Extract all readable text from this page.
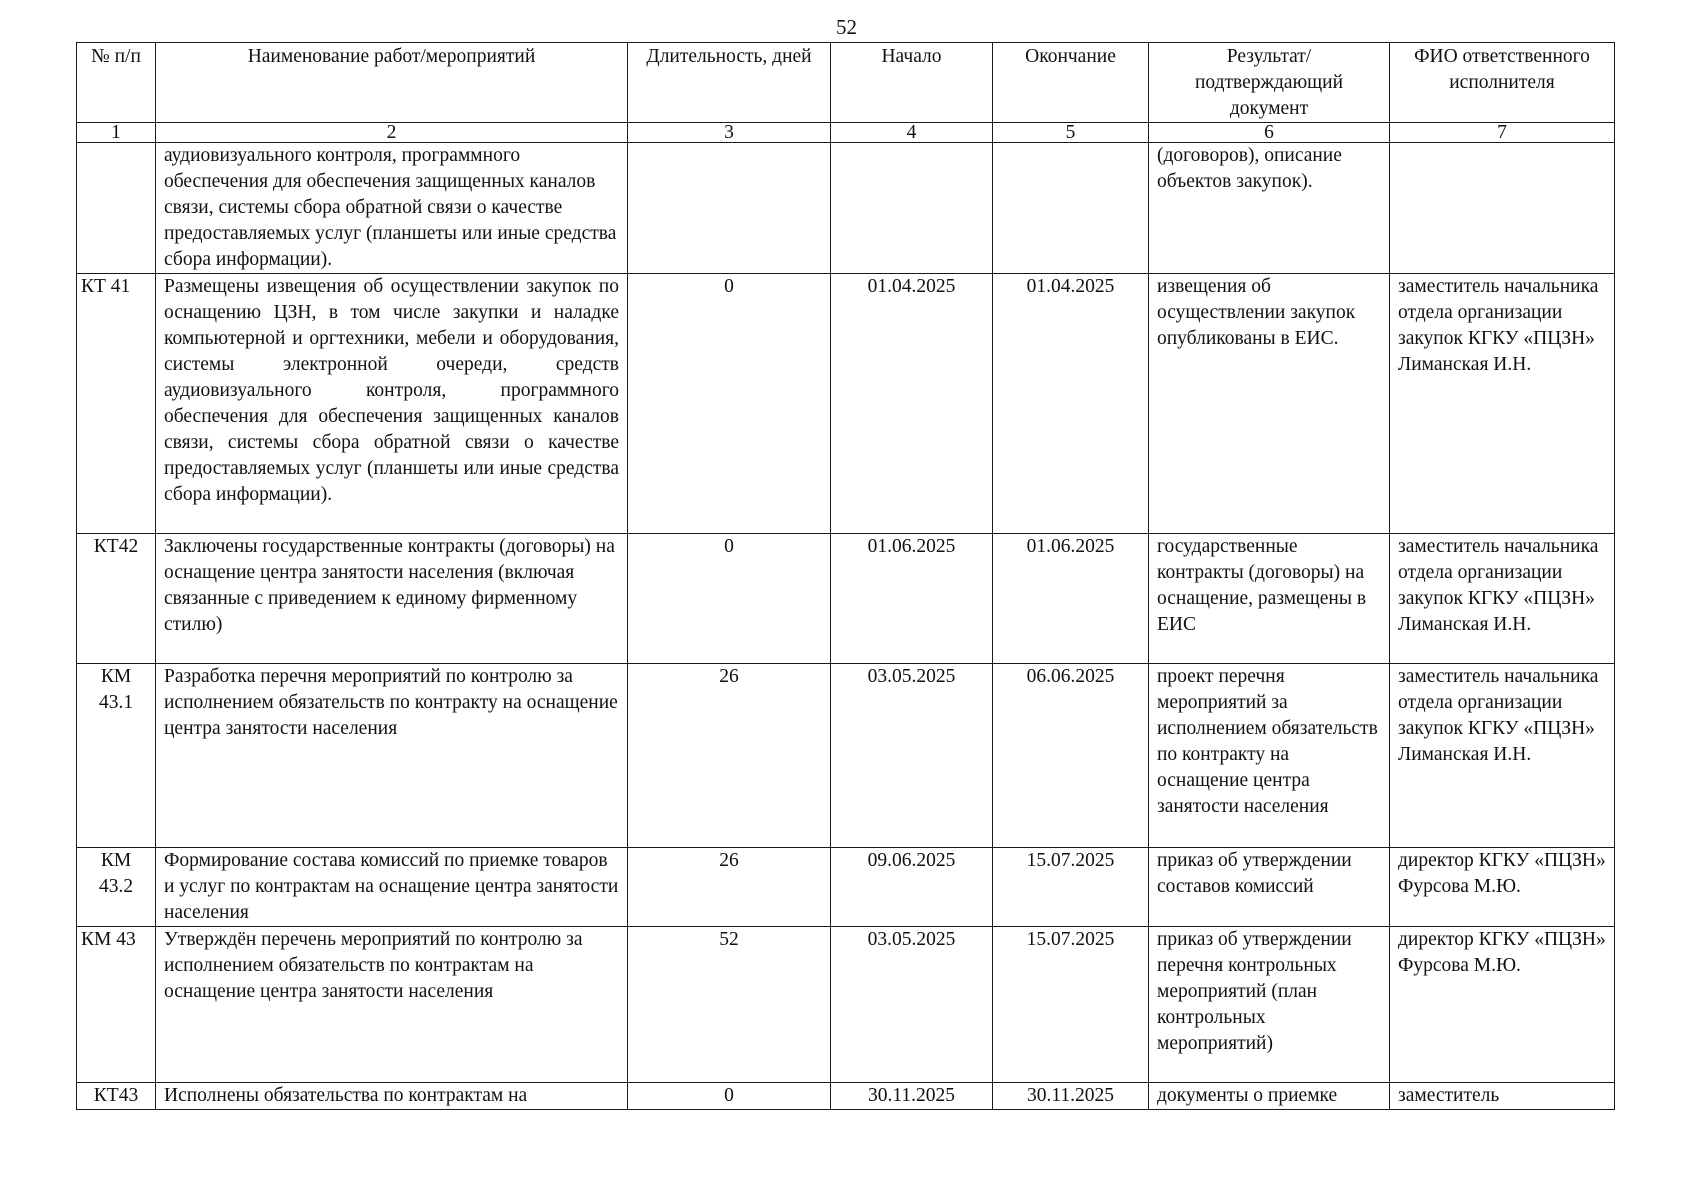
52
№ п/п	Наименование работ/мероприятий	Длительность, дней	Начало	Окончание	Результат/ подтверждающий документ	ФИО ответственного исполнителя
1	2	3	4	5	6	7
	аудиовизуального контроля, программного обеспечения для обеспечения защищенных каналов связи, системы сбора обратной связи о качестве предоставляемых услуг (планшеты или иные средства сбора информации).				(договоров), описание объектов закупок).	
КТ 41	Размещены извещения об осуществлении закупок по оснащению ЦЗН, в том числе закупки и наладке компьютерной и оргтехники, мебели и оборудования, системы электронной очереди, средств аудиовизуального контроля, программного обеспечения для обеспечения защищенных каналов связи, системы сбора обратной связи о качестве предоставляемых услуг (планшеты или иные средства сбора информации).	0	01.04.2025	01.04.2025	извещения об осуществлении закупок опубликованы в ЕИС.	заместитель начальника отдела организации закупок КГКУ «ПЦЗН» Лиманская И.Н.
КТ42	Заключены государственные контракты (договоры) на оснащение центра занятости населения (включая связанные с приведением к единому фирменному стилю)	0	01.06.2025	01.06.2025	государственные контракты (договоры) на оснащение, размещены в ЕИС	заместитель начальника отдела организации закупок КГКУ «ПЦЗН» Лиманская И.Н.
КМ 43.1	Разработка перечня мероприятий по контролю за исполнением обязательств по контракту на оснащение центра занятости населения	26	03.05.2025	06.06.2025	проект перечня мероприятий за исполнением обязательств по контракту на оснащение центра занятости населения	заместитель начальника отдела организации закупок КГКУ «ПЦЗН» Лиманская И.Н.
КМ 43.2	Формирование состава комиссий по приемке товаров и услуг по контрактам на оснащение центра занятости населения	26	09.06.2025	15.07.2025	приказ об утверждении составов комиссий	директор КГКУ «ПЦЗН» Фурсова М.Ю.
КМ 43	Утверждён перечень мероприятий по контролю за исполнением обязательств по контрактам на оснащение центра занятости населения	52	03.05.2025	15.07.2025	приказ об утверждении перечня контрольных мероприятий (план контрольных мероприятий)	директор КГКУ «ПЦЗН» Фурсова М.Ю.
КТ43	Исполнены обязательства по контрактам на	0	30.11.2025	30.11.2025	документы о приемке	заместитель
